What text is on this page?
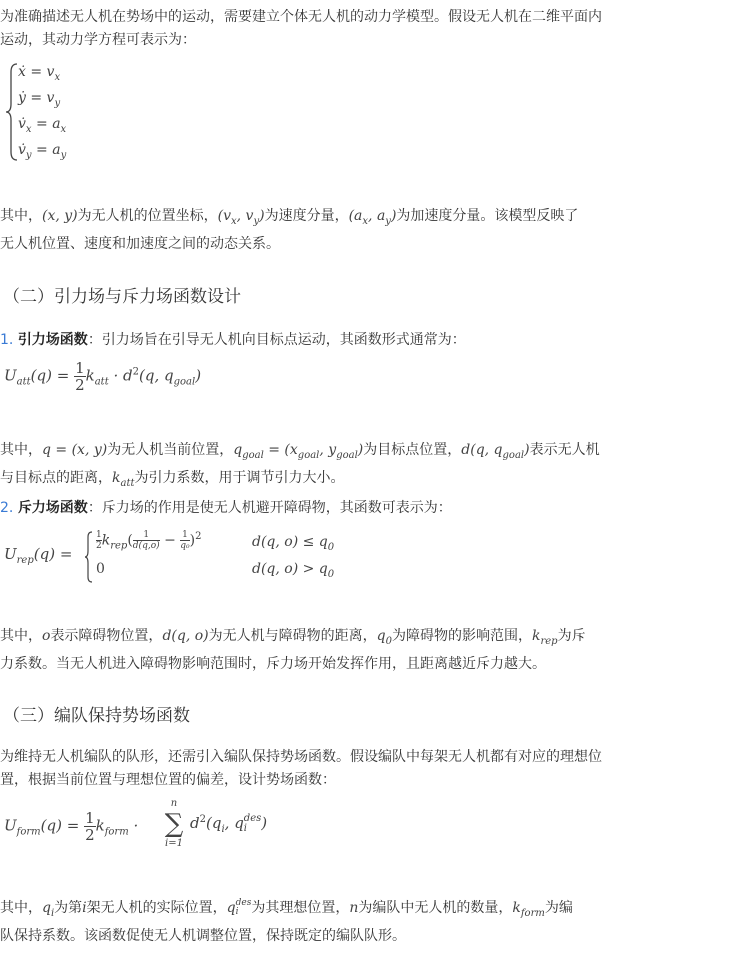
为准确描述无人机在势场中的运动，需要建立个体无人机的动力学模型。假设无人机在二维平面内
运动，其动力学方程可表示为：

ẋ = $v_x$
ẏ = $v_y$
$v̇_x = a_x$
$v̇_y = a_y$

其中，(x, y)为无人机的位置坐标，($v_x$, $v_y$)为速度分量，($a_x$, $a_y$)为加速度分量。该模型反映了
无人机位置、速度和加速度之间的动态关系。

（二）引力场与斥力场函数设计

1. 引力场函数：引力场旨在引导无人机向目标点运动，其函数形式通常为：

$U_{att}(q) = \frac{1}{2} k_{att} \cdot d^2(q$, $q_{goal}$)

其中，q = (x, y)为无人机当前位置，$q_{goal} = (x_{goal}$, $y_{goal}$)为目标点位置，d(q, $q_{goal}$)表示无人机
与目标点的距离，$k_{att}$为引力系数，用于调节引力大小。

2. 斥力场函数：斥力场的作用是使无人机避开障碍物，其函数可表示为：

$U_{rep}(q)$ =
$\frac{1}{2} k_{rep}( \frac{1}{d(q,o)} - \frac{1}{\text{q₀}} )^2$	d(q, $o) \le q_0$
0	d(q, $o) > q_0$

其中，o表示障碍物位置，d(q, o)为无人机与障碍物的距离，$q_0$为障碍物的影响范围，$k_{rep}$为斥
力系数。当无人机进入障碍物影响范围时，斥力场开始发挥作用，且距离越近斥力越大。

（三）编队保持势场函数

为维持无人机编队的队形，还需引入编队保持势场函数。假设编队中每架无人机都有对应的理想位
置，根据当前位置与理想位置的偏差，设计势场函数：

$U_{form}(q) = \frac{1}{2} k_{form}$ ·
n
∑
i=1
$d^2(q_i$, q des
i )

其中，$q_i$为第i架无人机的实际位置，q des
i 为其理想位置，n为编队中无人机的数量，$k_{form}$为编
队保持系数。该函数促使无人机调整位置，保持既定的编队队形。
